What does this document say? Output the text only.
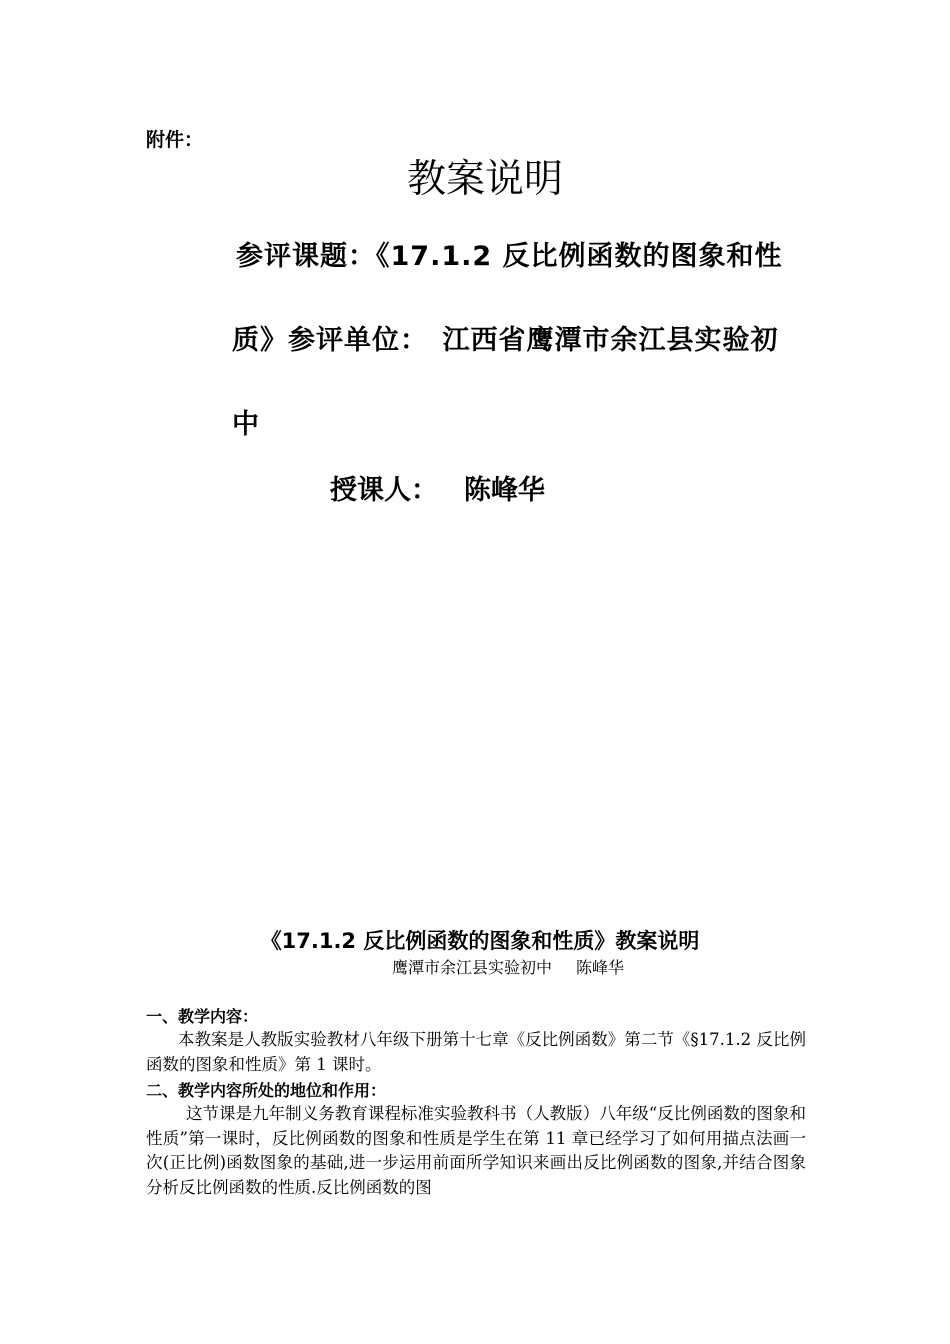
附件：
教案说明
参评课题：《17.1.2 反比例函数的图象和性
质》参评单位：　江西省鹰潭市余江县实验初
中
授课人： 陈峰华
《17.1.2 反比例函数的图象和性质》教案说明
鹰潭市余江县实验初中 陈峰华
一、教学内容：
本教案是人教版实验教材八年级下册第十七章《反比例函数》第二节《§17.1.2 反比例函数的图象和性质》第 1 课时。
二、教学内容所处的地位和作用：
这节课是九年制义务教育课程标准实验教科书（人教版）八年级“反比例函数的图象和性质”第一课时，反比例函数的图象和性质是学生在第 11 章已经学习了如何用描点法画一次(正比例)函数图象的基础,进一步运用前面所学知识来画出反比例函数的图象,并结合图象分析反比例函数的性质.反比例函数的图
